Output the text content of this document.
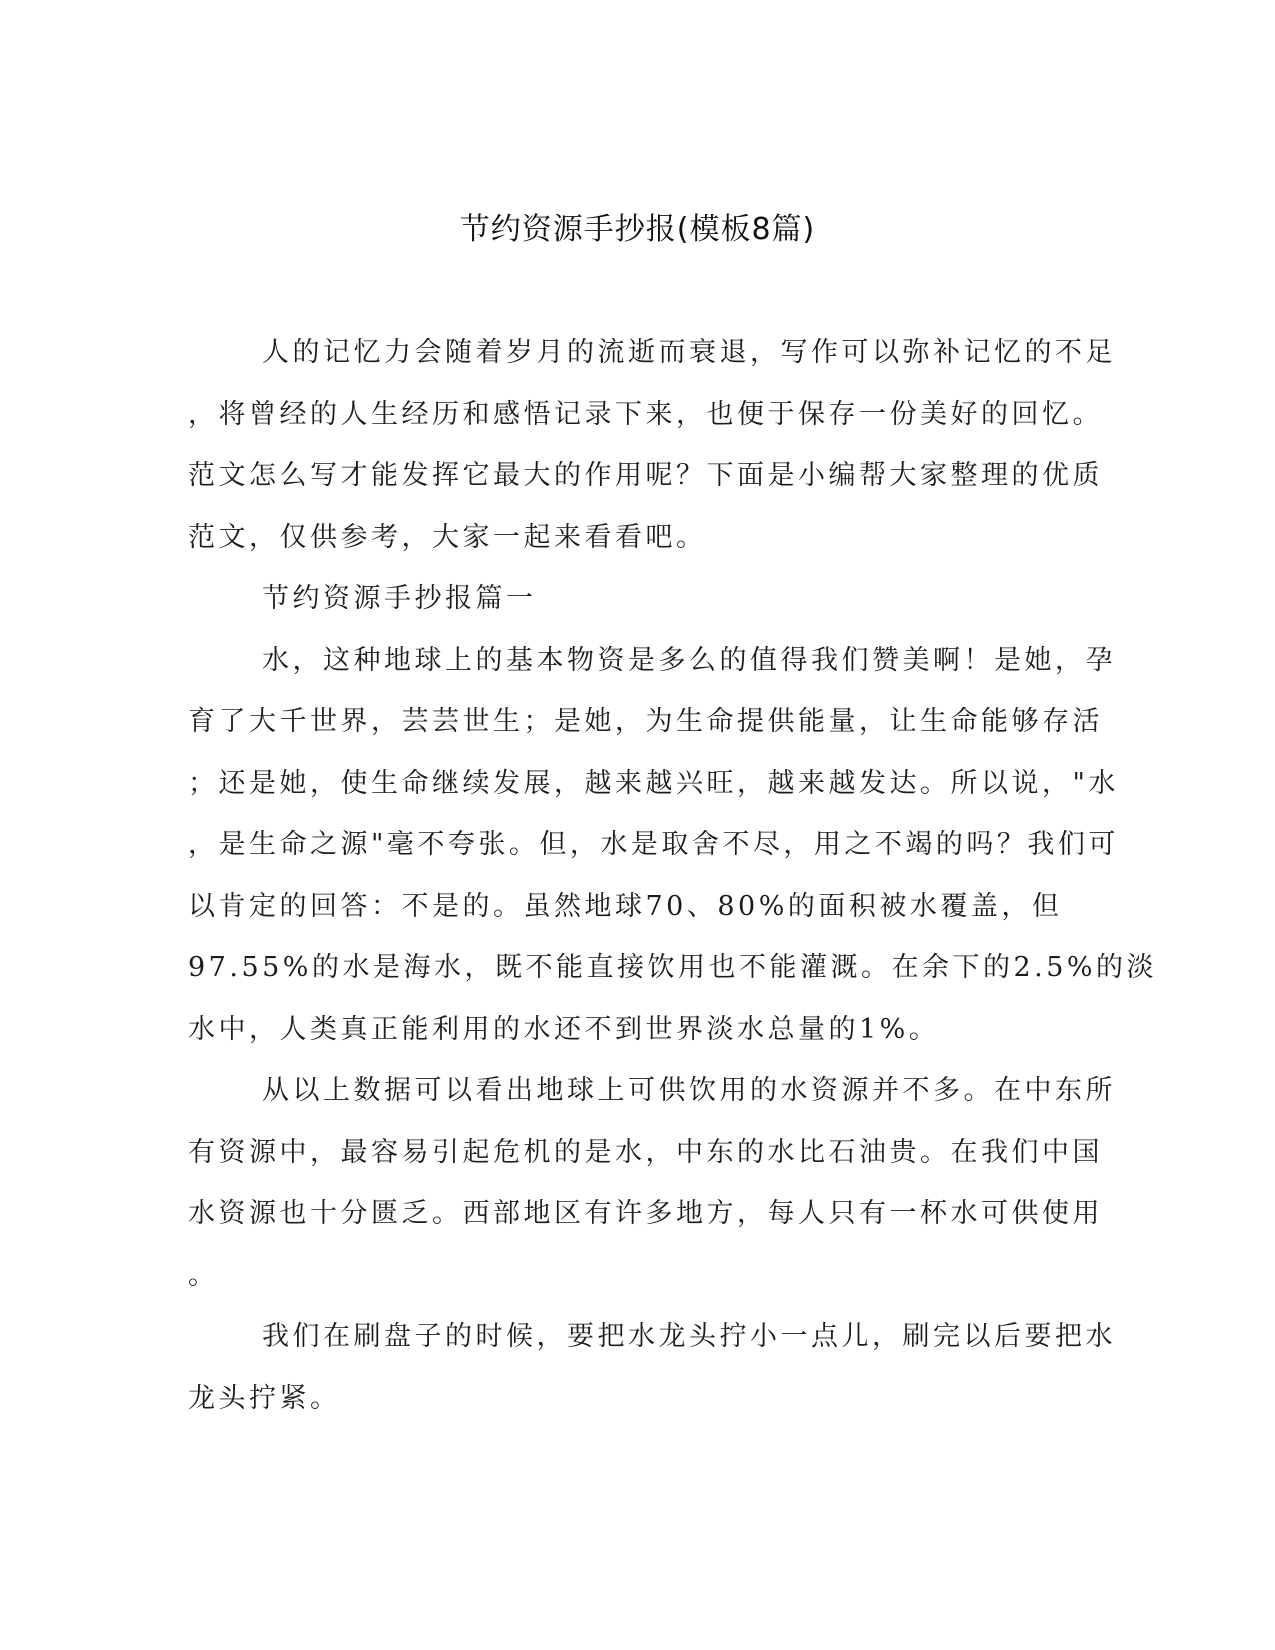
节约资源手抄报(模板8篇)
人的记忆力会随着岁月的流逝而衰退，写作可以弥补记忆的不足
，将曾经的人生经历和感悟记录下来，也便于保存一份美好的回忆。
范文怎么写才能发挥它最大的作用呢？下面是小编帮大家整理的优质
范文，仅供参考，大家一起来看看吧。
节约资源手抄报篇一
水，这种地球上的基本物资是多么的值得我们赞美啊！是她，孕
育了大千世界，芸芸世生；是她，为生命提供能量，让生命能够存活
；还是她，使生命继续发展，越来越兴旺，越来越发达。所以说，"水
，是生命之源"毫不夸张。但，水是取舍不尽，用之不竭的吗？我们可
以肯定的回答：不是的。虽然地球70、80%的面积被水覆盖，但
97.55%的水是海水，既不能直接饮用也不能灌溉。在余下的2.5%的淡
水中，人类真正能利用的水还不到世界淡水总量的1%。
从以上数据可以看出地球上可供饮用的水资源并不多。在中东所
有资源中，最容易引起危机的是水，中东的水比石油贵。在我们中国
水资源也十分匮乏。西部地区有许多地方，每人只有一杯水可供使用
。
我们在刷盘子的时候，要把水龙头拧小一点儿，刷完以后要把水
龙头拧紧。
